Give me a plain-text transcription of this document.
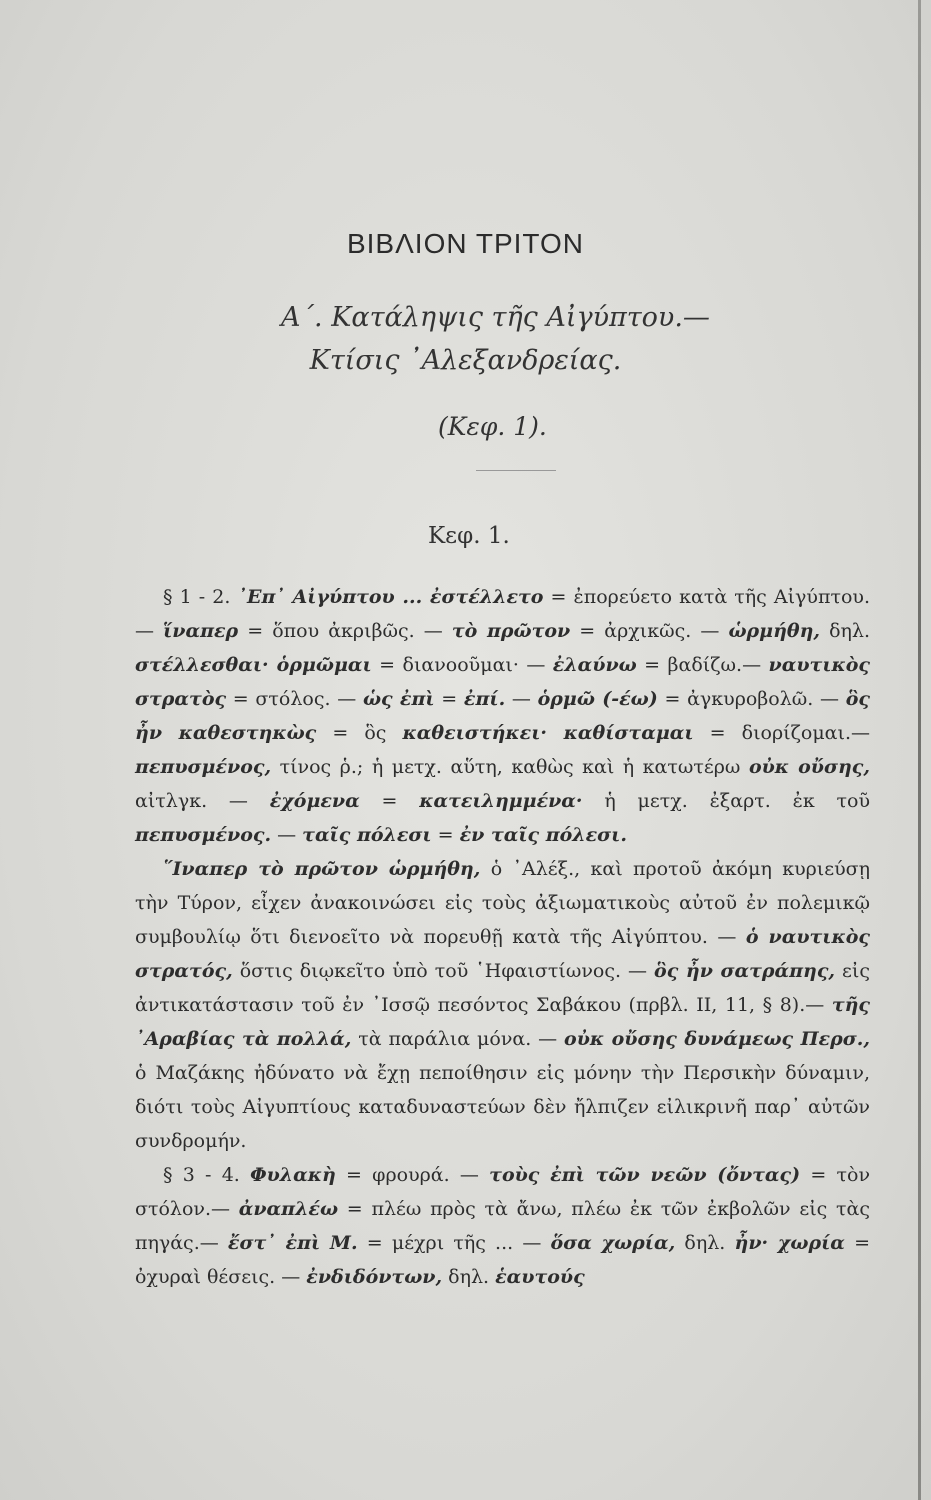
ΒΙΒΛΙΟΝ ΤΡΙΤΟΝ
Α΄. Κατάληψις τῆς Αἰγύπτου.—
Κτίσις ᾽Αλεξανδρείας.
(Κεφ. 1).
Κεφ. 1.

§ 1 - 2. ᾽Επ᾽ Αἰγύπτου ... ἐστέλλετο = ἐπορεύετο κατὰ τῆς Αἰγύπτου.— ἵναπερ = ὅπου ἀκριβῶς. — τὸ πρῶτον = ἀρχικῶς. — ὡρμήθη, δηλ. στέλλεσθαι· ὁρμῶμαι = διανοοῦμαι· — ἐλαύνω = βαδίζω.— ναυτικὸς στρατὸς = στόλος. — ὡς ἐπὶ = ἐπί. — ὁρμῶ (-έω) = ἀγκυροβολῶ. — ὃς ἦν καθεστηκὼς = ὃς καθειστήκει· καθίσταμαι = διορίζομαι.— πεπυσμένος, τίνος ῥ.; ἡ μετχ. αὕτη, καθὼς καὶ ἡ κατωτέρω οὐκ οὔσης, αἰτλγκ. — ἐχόμενα = κατειλημμένα· ἡ μετχ. ἐξαρτ. ἐκ τοῦ πεπυσμένος. — ταῖς πόλεσι = ἐν ταῖς πόλεσι.

῞Ιναπερ τὸ πρῶτον ὡρμήθη, ὁ ᾽Αλέξ., καὶ προτοῦ ἀκόμη κυριεύσῃ τὴν Τύρον, εἶχεν ἀνακοινώσει εἰς τοὺς ἀξιωματικοὺς αὐτοῦ ἐν πολεμικῷ συμβουλίῳ ὅτι διενοεῖτο νὰ πορευθῇ κατὰ τῆς Αἰγύπτου. — ὁ ναυτικὸς στρατός, ὅστις διῳκεῖτο ὑπὸ τοῦ ῾Ηφαιστίωνος. — ὃς ἦν σατράπης, εἰς ἀντικατάστασιν τοῦ ἐν ᾽Ισσῷ πεσόντος Σαβάκου (πρβλ. ΙΙ, 11, § 8).— τῆς ᾽Αραβίας τὰ πολλά, τὰ παράλια μόνα. — οὐκ οὔσης δυνάμεως Περσ., ὁ Μαζάκης ἠδύνατο νὰ ἔχῃ πεποίθησιν εἰς μόνην τὴν Περσικὴν δύναμιν, διότι τοὺς Αἰγυπτίους καταδυναστεύων δὲν ἤλπιζεν εἰλικρινῆ παρ᾽ αὐτῶν συνδρομήν.

§ 3 - 4. Φυλακὴ = φρουρά. — τοὺς ἐπὶ τῶν νεῶν (ὄντας) = τὸν στόλον.— ἀναπλέω = πλέω πρὸς τὰ ἄνω, πλέω ἐκ τῶν ἐκβολῶν εἰς τὰς πηγάς.— ἔστ᾽ ἐπὶ Μ. = μέχρι τῆς ... — ὅσα χωρία, δηλ. ἦν· χωρία = ὀχυραὶ θέσεις. — ἐνδιδόντων, δηλ. ἑαυτούς
